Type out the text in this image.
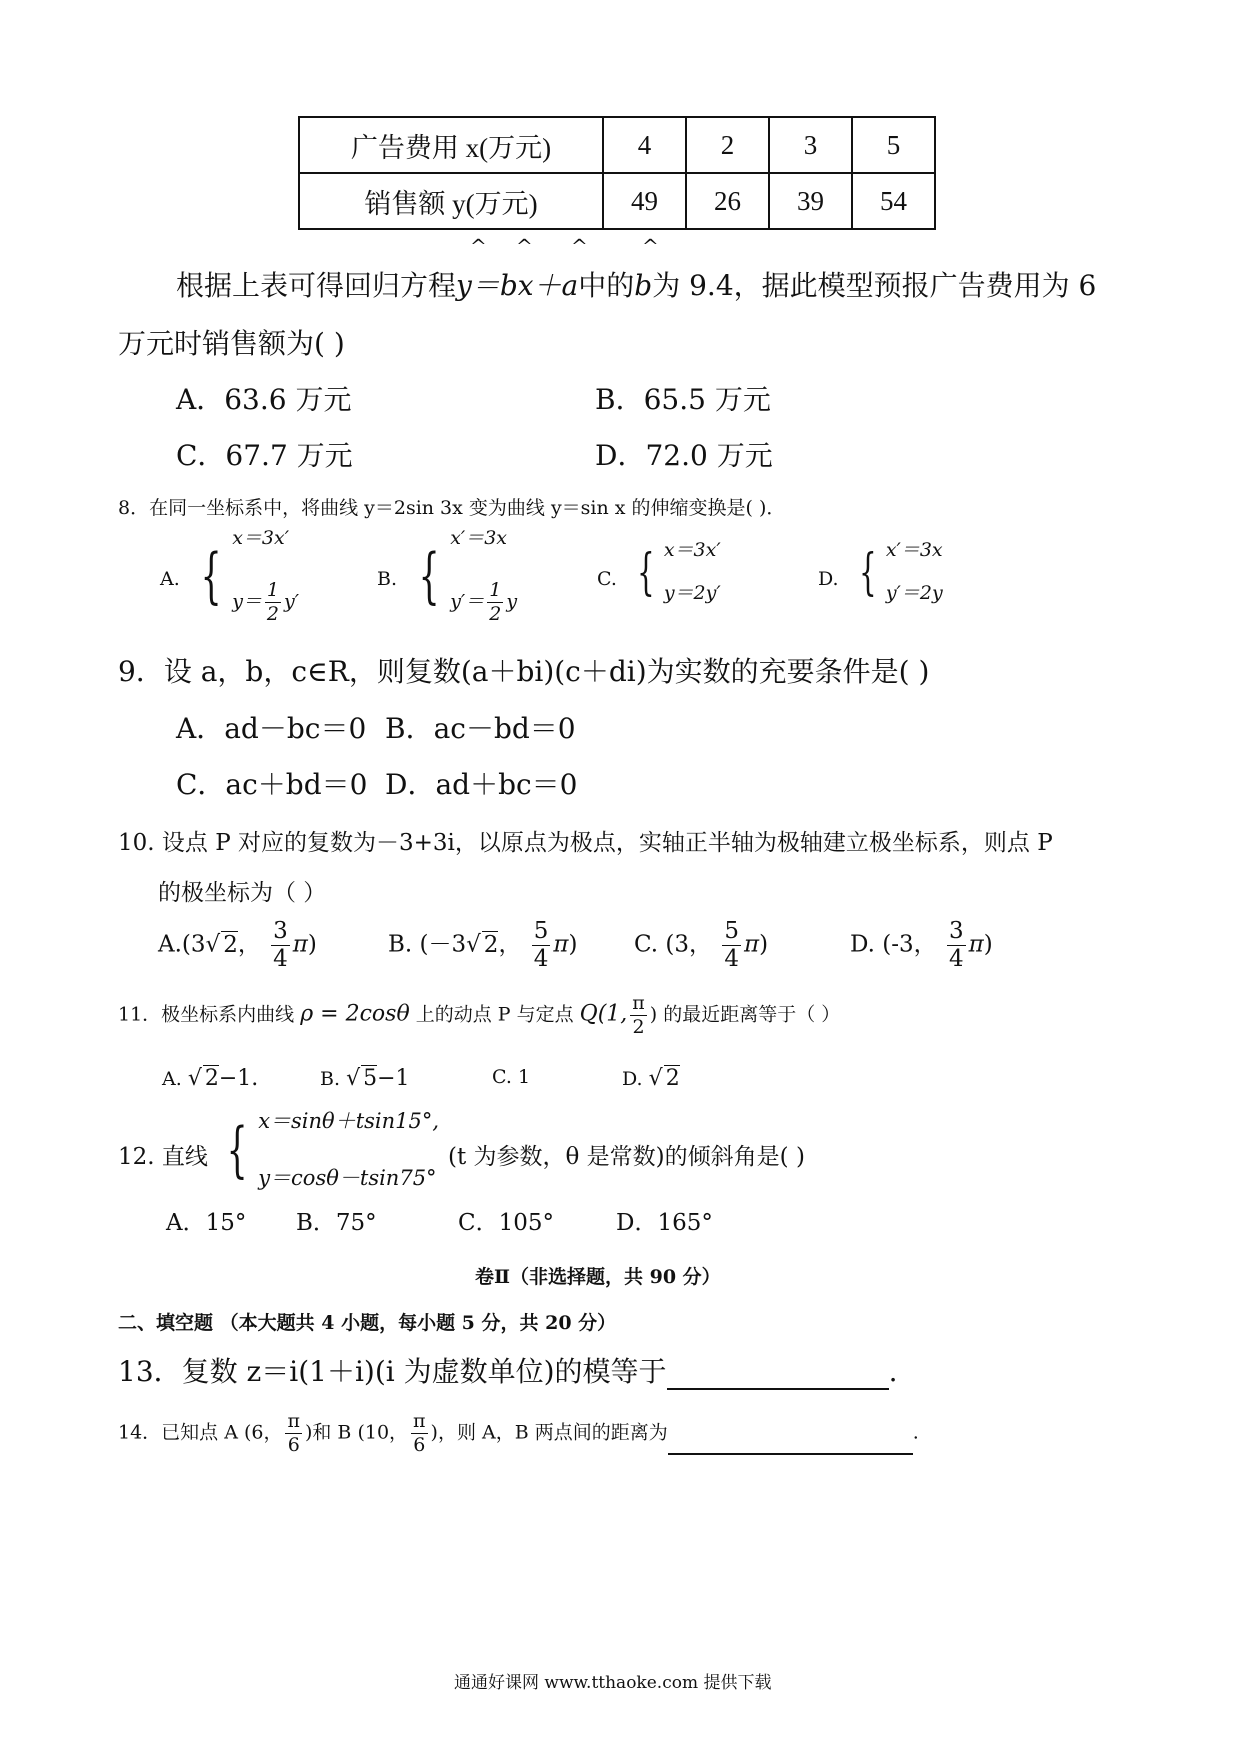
广告费用 x(万元)	4	2	3	5
销售额 y(万元)	49	26	39	54
^ ^ ^	^
根据上表可得回归方程y＝bx＋a中的b为 9.4，据此模型预报广告费用为 6
万元时销售额为( )
A．63.6 万元	B．65.5 万元
C．67.7 万元	D．72.0 万元
8．在同一坐标系中，将曲线 y＝2sin 3x 变为曲线 y＝sin x 的伸缩变换是( )．
A. {
x＝3x′
$y= \frac{1}{2} y'$
B. {
x′＝3x
$y'= \frac{1}{2}$ y
C. { x＝3x′
y＝2y′
D. { x′＝3x
y′＝2y
9．设 a，b，c∈R，则复数(a＋bi)(c＋di)为实数的充要条件是( )
A．ad－bc＝0 B．ac－bd＝0
C．ac＋bd＝0 D．ad＋bc＝0
10. 设点 P 对应的复数为－3+3i，以原点为极点，实轴正半轴为极轴建立极坐标系，则点 P
的极坐标为（ ）
A.(3√ 2， $\frac{3}{4} \pi$)	B. (－3√ 2， $\frac{5}{4} \pi$) C. (3， $\frac{5}{4} \pi$)	D. (-3， $\frac{3}{4} \pi$)
11．极坐标系内曲线 ρ = 2cosθ 上的动点 P 与定点 Q(1, $\frac{\pi}{2}$ ) 的最近距离等于（ ）
A. √ 2−1.	B. √ 5−1	C. 1	D. √ 2
12. 直线 { x＝sinθ＋tsin15°,
y＝cosθ－tsin75°
(t 为参数，θ 是常数)的倾斜角是( )
A．15° B．75°	C．105°	D．165°
卷Ⅱ（非选择题，共 90 分）
二、填空题 （本大题共 4 小题，每小题 5 分，共 20 分）
13．复数 z＝i(1＋i)(i 为虚数单位)的模等于	.
14．已知点 A (6， $\frac{\pi}{6}$ )和 B (10， $\frac{\pi}{6}$ )，则 A，B 两点间的距离为	.
通通好课网 www.tthaoke.com 提供下载
